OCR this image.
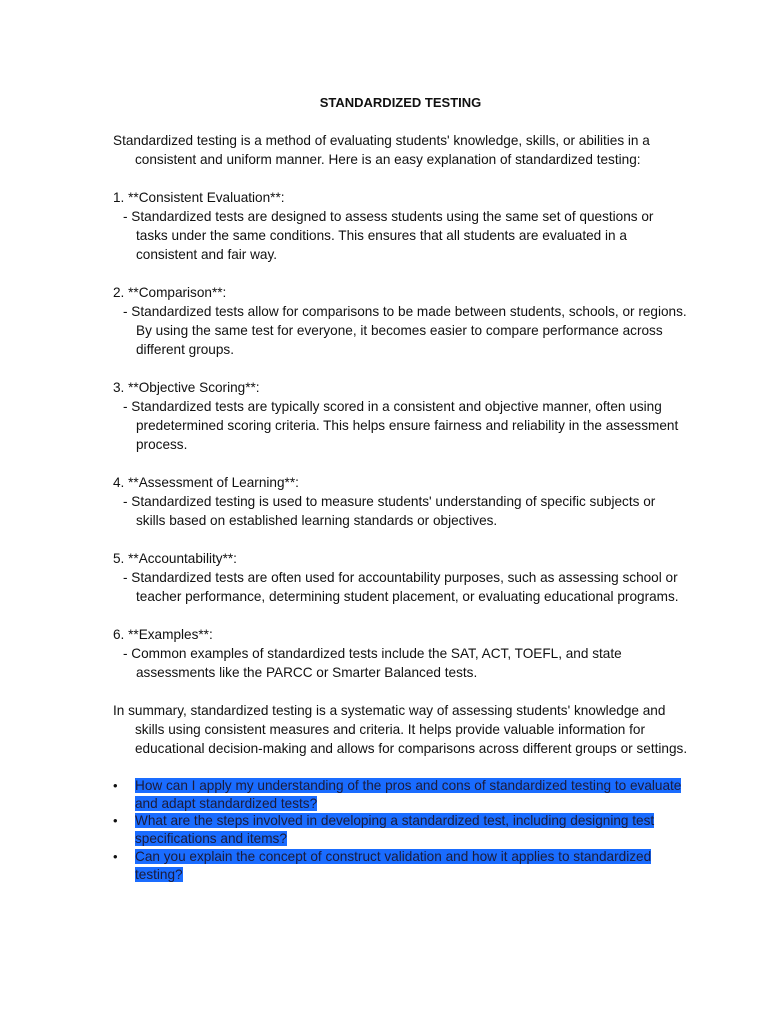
STANDARDIZED TESTING

Standardized testing is a method of evaluating students' knowledge, skills, or abilities in a consistent and uniform manner. Here is an easy explanation of standardized testing:

1. **Consistent Evaluation**:

- Standardized tests are designed to assess students using the same set of questions or tasks under the same conditions. This ensures that all students are evaluated in a consistent and fair way.

2. **Comparison**:

- Standardized tests allow for comparisons to be made between students, schools, or regions. By using the same test for everyone, it becomes easier to compare performance across different groups.

3. **Objective Scoring**:

- Standardized tests are typically scored in a consistent and objective manner, often using predetermined scoring criteria. This helps ensure fairness and reliability in the assessment process.

4. **Assessment of Learning**:

- Standardized testing is used to measure students' understanding of specific subjects or skills based on established learning standards or objectives.

5. **Accountability**:

- Standardized tests are often used for accountability purposes, such as assessing school or teacher performance, determining student placement, or evaluating educational programs.

6. **Examples**:

- Common examples of standardized tests include the SAT, ACT, TOEFL, and state assessments like the PARCC or Smarter Balanced tests.

In summary, standardized testing is a systematic way of assessing students' knowledge and skills using consistent measures and criteria. It helps provide valuable information for educational decision-making and allows for comparisons across different groups or settings.

• How can I apply my understanding of the pros and cons of standardized testing to evaluate and adapt standardized tests?
• What are the steps involved in developing a standardized test, including designing test specifications and items?
• Can you explain the concept of construct validation and how it applies to standardized testing?
